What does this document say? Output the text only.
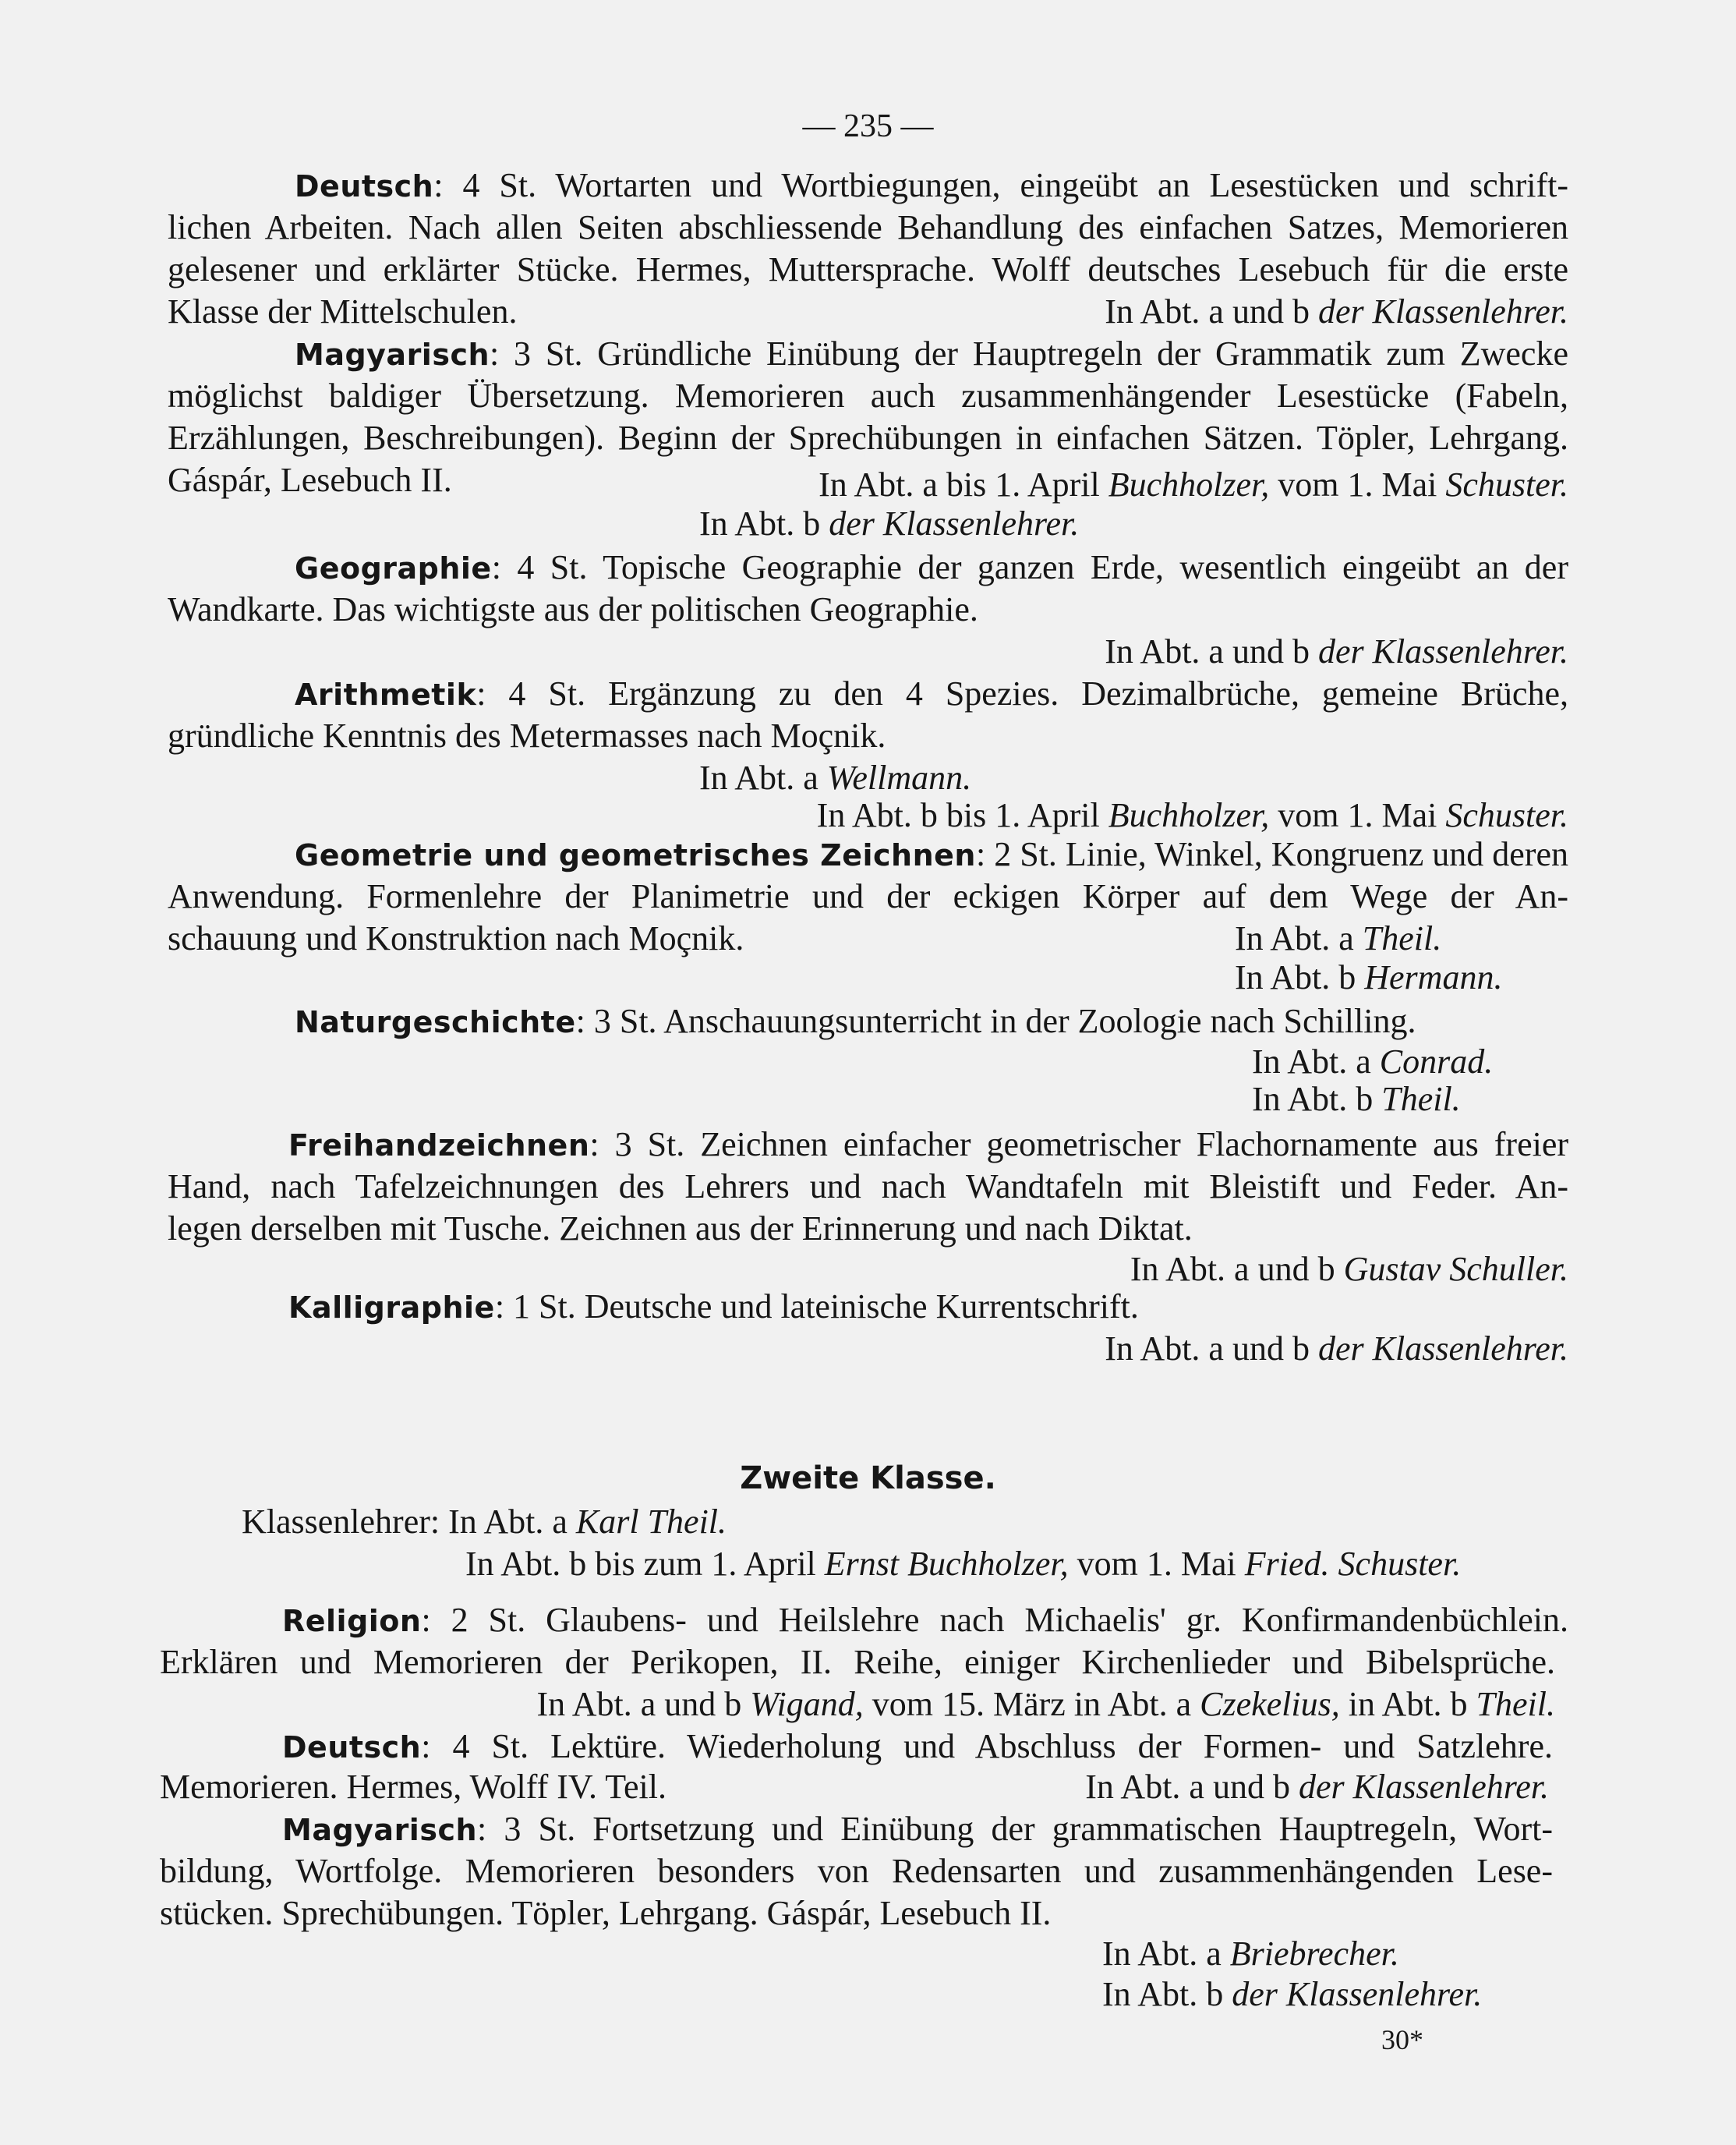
— 235 —
Deutsch: 4 St. Wortarten und Wortbiegungen, eingeübt an Lesestücken und schrift-
lichen Arbeiten. Nach allen Seiten abschliessende Behandlung des einfachen Satzes, Memorieren
gelesener und erklärter Stücke. Hermes, Muttersprache. Wolff deutsches Lesebuch für die erste
Klasse der Mittelschulen.	In Abt. a und b der Klassenlehrer.
Magyarisch: 3 St. Gründliche Einübung der Hauptregeln der Grammatik zum Zwecke
möglichst baldiger Übersetzung. Memorieren auch zusammenhängender Lesestücke (Fabeln,
Erzählungen, Beschreibungen). Beginn der Sprechübungen in einfachen Sätzen. Töpler, Lehrgang.
Gáspár, Lesebuch II.	In Abt. a bis 1. April Buchholzer, vom 1. Mai Schuster.
In Abt. b der Klassenlehrer.
Geographie: 4 St. Topische Geographie der ganzen Erde, wesentlich eingeübt an der
Wandkarte. Das wichtigste aus der politischen Geographie.
In Abt. a und b der Klassenlehrer.
Arithmetik: 4 St. Ergänzung zu den 4 Spezies. Dezimalbrüche, gemeine Brüche,
gründliche Kenntnis des Metermasses nach Moçnik.
In Abt. a Wellmann.
In Abt. b bis 1. April Buchholzer, vom 1. Mai Schuster.
Geometrie und geometrisches Zeichnen: 2 St. Linie, Winkel, Kongruenz und deren
Anwendung. Formenlehre der Planimetrie und der eckigen Körper auf dem Wege der An-
schauung und Konstruktion nach Moçnik.	In Abt. a Theil.
In Abt. b Hermann.
Naturgeschichte: 3 St. Anschauungsunterricht in der Zoologie nach Schilling.
In Abt. a Conrad.
In Abt. b Theil.
Freihandzeichnen: 3 St. Zeichnen einfacher geometrischer Flachornamente aus freier
Hand, nach Tafelzeichnungen des Lehrers und nach Wandtafeln mit Bleistift und Feder. An-
legen derselben mit Tusche. Zeichnen aus der Erinnerung und nach Diktat.
In Abt. a und b Gustav Schuller.
Kalligraphie: 1 St. Deutsche und lateinische Kurrentschrift.
In Abt. a und b der Klassenlehrer.
Zweite Klasse.
Klassenlehrer: In Abt. a Karl Theil.
In Abt. b bis zum 1. April Ernst Buchholzer, vom 1. Mai Fried. Schuster.
Religion: 2 St. Glaubens- und Heilslehre nach Michaelis' gr. Konfirmandenbüchlein.
Erklären und Memorieren der Perikopen, II. Reihe, einiger Kirchenlieder und Bibelsprüche.
In Abt. a und b Wigand, vom 15. März in Abt. a Czekelius, in Abt. b Theil.
Deutsch: 4 St. Lektüre. Wiederholung und Abschluss der Formen- und Satzlehre.
Memorieren. Hermes, Wolff IV. Teil.	In Abt. a und b der Klassenlehrer.
Magyarisch: 3 St. Fortsetzung und Einübung der grammatischen Hauptregeln, Wort-
bildung, Wortfolge. Memorieren besonders von Redensarten und zusammenhängenden Lese-
stücken. Sprechübungen. Töpler, Lehrgang. Gáspár, Lesebuch II.
In Abt. a Briebrecher.
In Abt. b der Klassenlehrer.
30*
